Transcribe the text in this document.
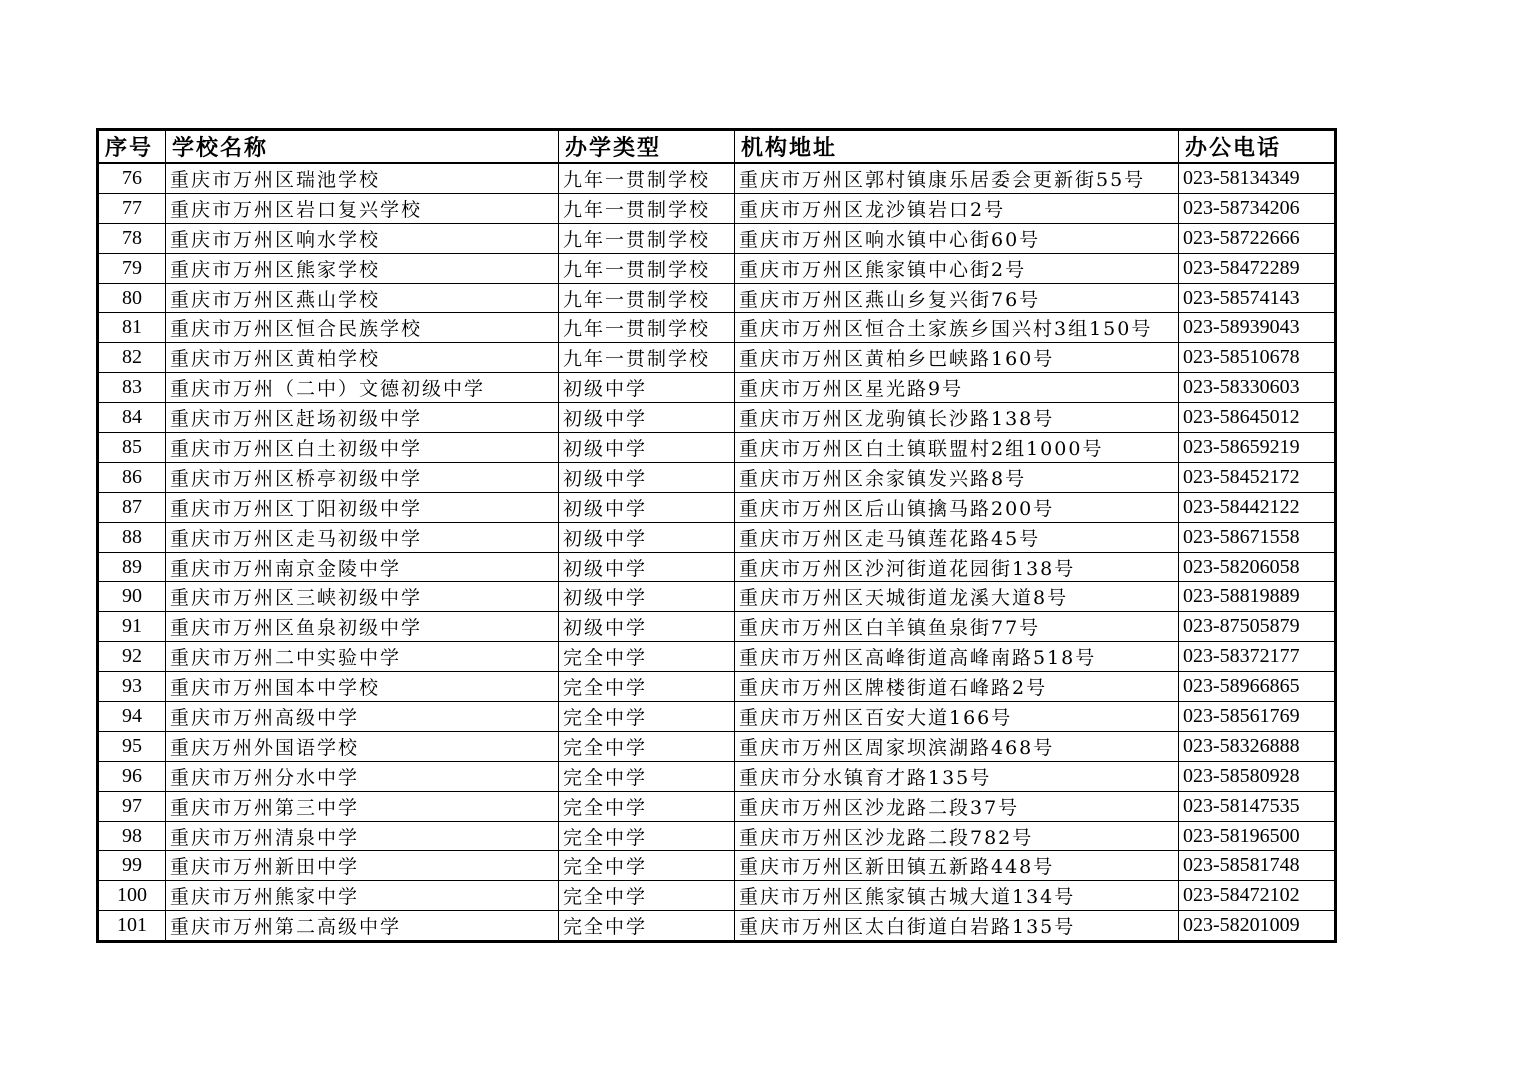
序号	学校名称	办学类型	机构地址	办公电话
76	重庆市万州区瑞池学校	九年一贯制学校	重庆市万州区郭村镇康乐居委会更新街55号	023-58134349
77	重庆市万州区岩口复兴学校	九年一贯制学校	重庆市万州区龙沙镇岩口2号	023-58734206
78	重庆市万州区响水学校	九年一贯制学校	重庆市万州区响水镇中心街60号	023-58722666
79	重庆市万州区熊家学校	九年一贯制学校	重庆市万州区熊家镇中心街2号	023-58472289
80	重庆市万州区燕山学校	九年一贯制学校	重庆市万州区燕山乡复兴街76号	023-58574143
81	重庆市万州区恒合民族学校	九年一贯制学校	重庆市万州区恒合土家族乡国兴村3组150号	023-58939043
82	重庆市万州区黄柏学校	九年一贯制学校	重庆市万州区黄柏乡巴峡路160号	023-58510678
83	重庆市万州（二中）文德初级中学	初级中学	重庆市万州区星光路9号	023-58330603
84	重庆市万州区赶场初级中学	初级中学	重庆市万州区龙驹镇长沙路138号	023-58645012
85	重庆市万州区白土初级中学	初级中学	重庆市万州区白土镇联盟村2组1000号	023-58659219
86	重庆市万州区桥亭初级中学	初级中学	重庆市万州区余家镇发兴路8号	023-58452172
87	重庆市万州区丁阳初级中学	初级中学	重庆市万州区后山镇擒马路200号	023-58442122
88	重庆市万州区走马初级中学	初级中学	重庆市万州区走马镇莲花路45号	023-58671558
89	重庆市万州南京金陵中学	初级中学	重庆市万州区沙河街道花园街138号	023-58206058
90	重庆市万州区三峡初级中学	初级中学	重庆市万州区天城街道龙溪大道8号	023-58819889
91	重庆市万州区鱼泉初级中学	初级中学	重庆市万州区白羊镇鱼泉街77号	023-87505879
92	重庆市万州二中实验中学	完全中学	重庆市万州区高峰街道高峰南路518号	023-58372177
93	重庆市万州国本中学校	完全中学	重庆市万州区牌楼街道石峰路2号	023-58966865
94	重庆市万州高级中学	完全中学	重庆市万州区百安大道166号	023-58561769
95	重庆万州外国语学校	完全中学	重庆市万州区周家坝滨湖路468号	023-58326888
96	重庆市万州分水中学	完全中学	重庆市分水镇育才路135号	023-58580928
97	重庆市万州第三中学	完全中学	重庆市万州区沙龙路二段37号	023-58147535
98	重庆市万州清泉中学	完全中学	重庆市万州区沙龙路二段782号	023-58196500
99	重庆市万州新田中学	完全中学	重庆市万州区新田镇五新路448号	023-58581748
100	重庆市万州熊家中学	完全中学	重庆市万州区熊家镇古城大道134号	023-58472102
101	重庆市万州第二高级中学	完全中学	重庆市万州区太白街道白岩路135号	023-58201009
